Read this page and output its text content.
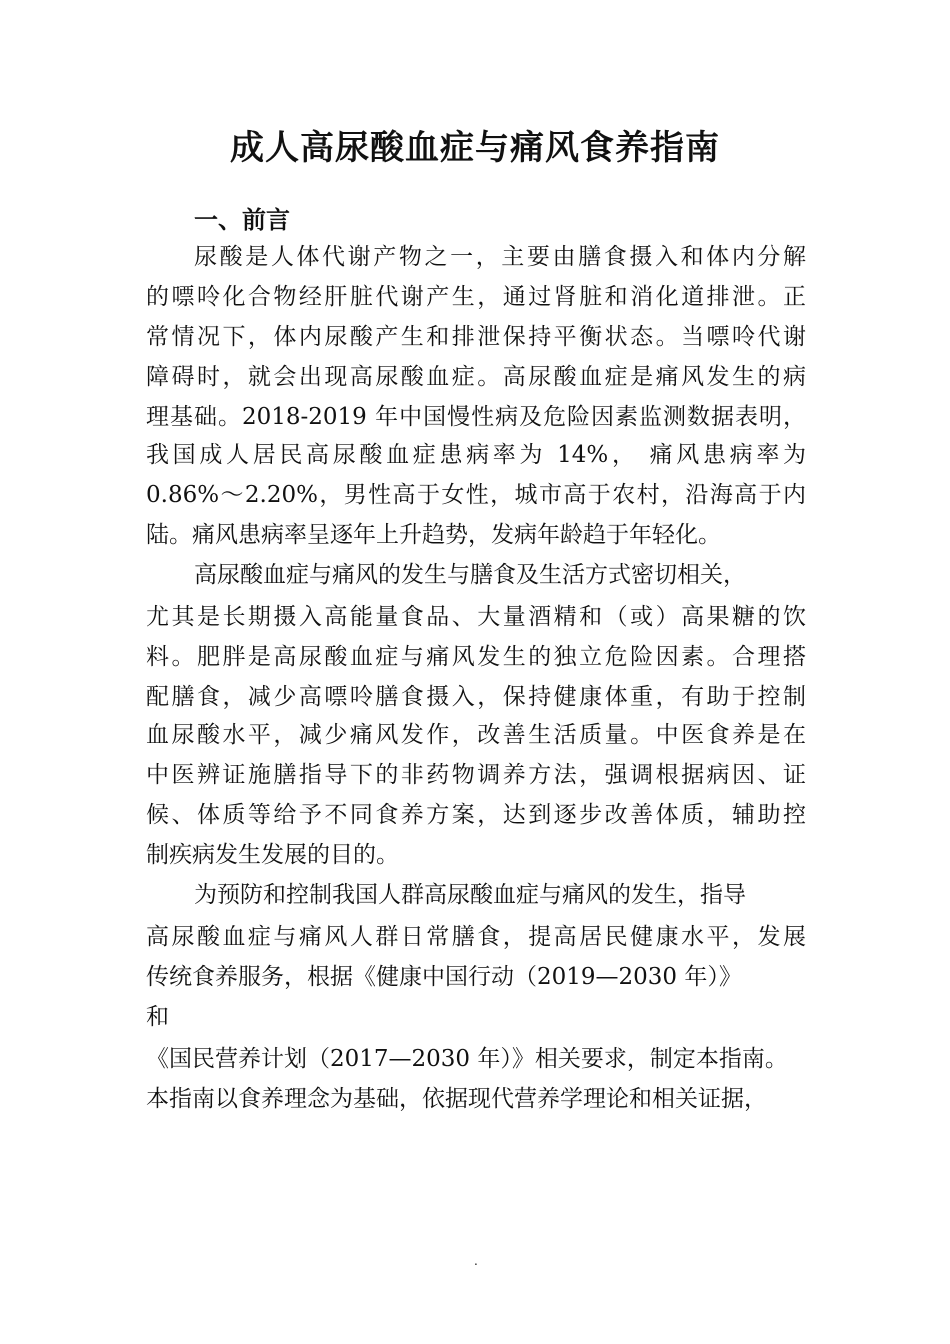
成人高尿酸血症与痛风食养指南
一、前言

尿酸是人体代谢产物之一，主要由膳食摄入和体内分解

的嘌呤化合物经肝脏代谢产生，通过肾脏和消化道排泄。正

常情况下，体内尿酸产生和排泄保持平衡状态。当嘌呤代谢

障碍时，就会出现高尿酸血症。高尿酸血症是痛风发生的病

理基础。2018-2019 年中国慢性病及危险因素监测数据表明，

我国成人居民高尿酸血症患病率为 14%， 痛风患病率为

0.86%～2.20%，男性高于女性，城市高于农村，沿海高于内

陆。痛风患病率呈逐年上升趋势，发病年龄趋于年轻化。

高尿酸血症与痛风的发生与膳食及生活方式密切相关，

尤其是长期摄入高能量食品、大量酒精和（或）高果糖的饮

料。肥胖是高尿酸血症与痛风发生的独立危险因素。合理搭

配膳食，减少高嘌呤膳食摄入，保持健康体重，有助于控制

血尿酸水平，减少痛风发作，改善生活质量。中医食养是在

中医辨证施膳指导下的非药物调养方法，强调根据病因、证

候、体质等给予不同食养方案，达到逐步改善体质，辅助控

制疾病发生发展的目的。

为预防和控制我国人群高尿酸血症与痛风的发生，指导

高尿酸血症与痛风人群日常膳食，提高居民健康水平，发展

传统食养服务，根据《健康中国行动（2019—2030 年）》

和

《国民营养计划（2017—2030 年）》相关要求，制定本指南。

本指南以食养理念为基础，依据现代营养学理论和相关证据，

.
